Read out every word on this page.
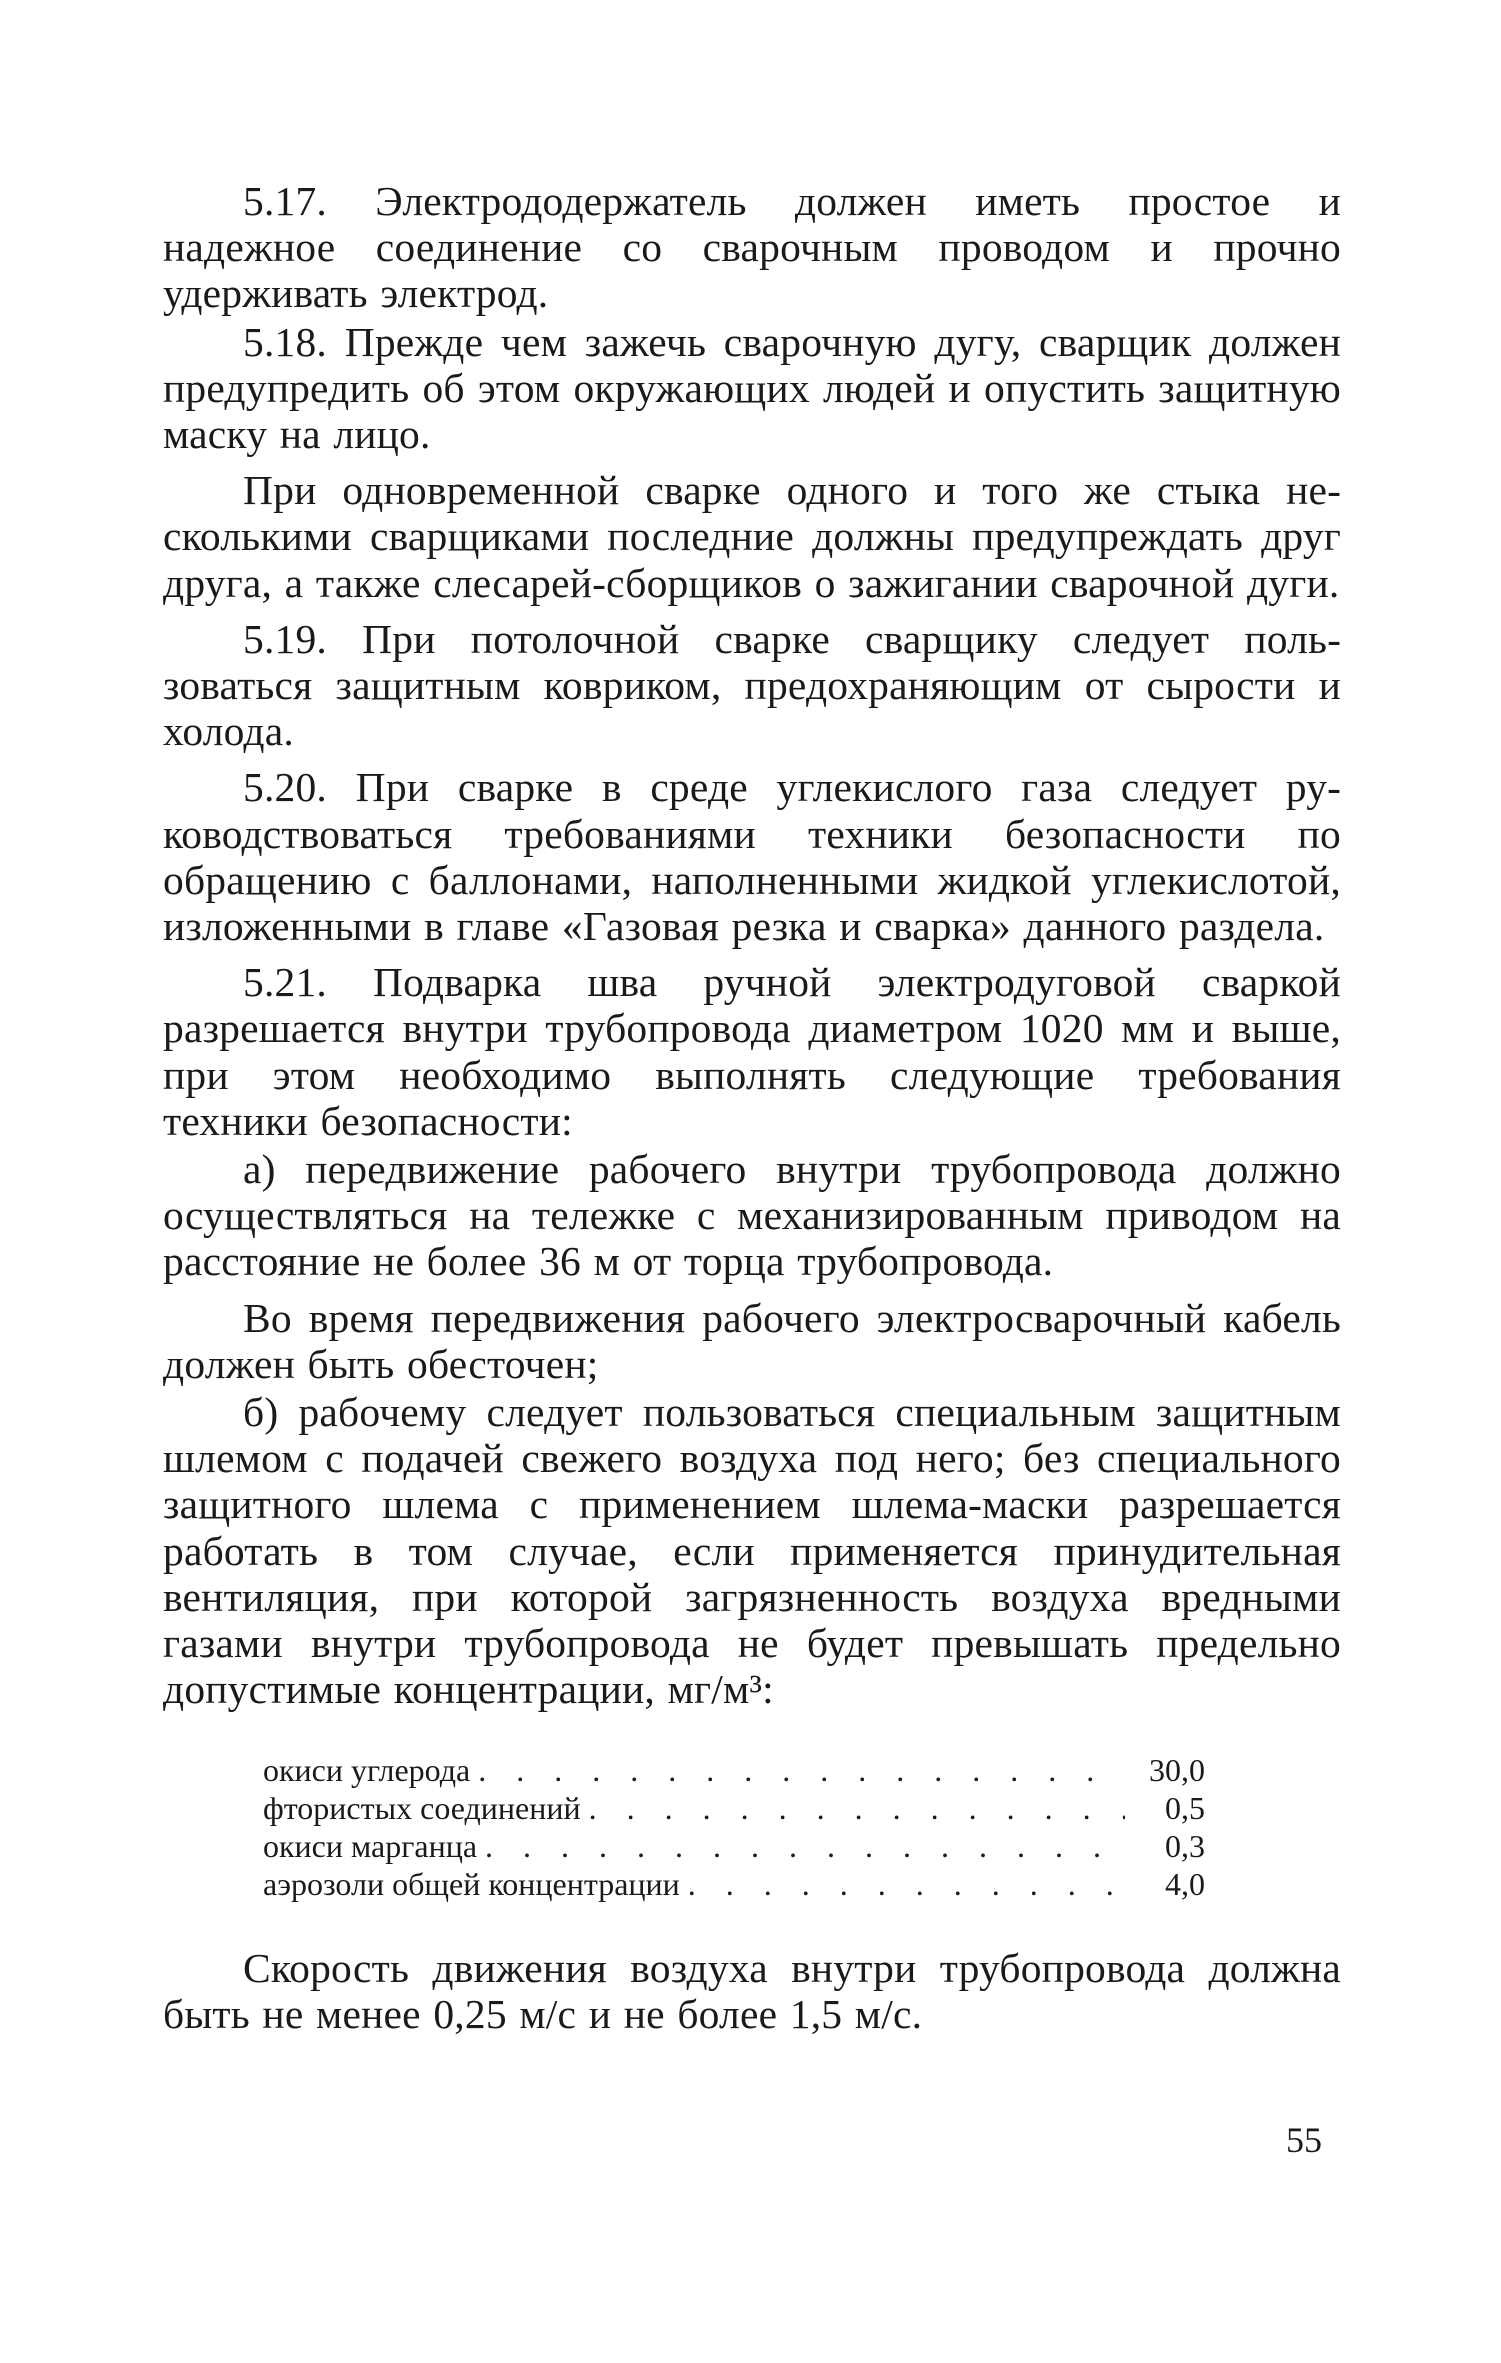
5.17. Электрододержатель должен иметь простое и надежное соединение со сварочным проводом и прочно удерживать электрод.

5.18. Прежде чем зажечь сварочную дугу, сварщик должен предупредить об этом окружающих людей и опустить защитную маску на лицо.

При одновременной сварке одного и того же стыка несколькими сварщиками последние должны предупреждать друг друга, а также слесарей-сборщиков о зажигании сварочной дуги.

5.19. При потолочной сварке сварщику следует пользоваться защитным ковриком, предохраняющим от сырости и холода.

5.20. При сварке в среде углекислого газа следует руководствоваться требованиями техники безопасности по обращению с баллонами, наполненными жидкой углекислотой, изложенными в главе «Газовая резка и сварка» данного раздела.

5.21. Подварка шва ручной электродуговой сваркой разрешается внутри трубопровода диаметром 1020 мм и выше, при этом необходимо выполнять следующие требования техники безопасности:

а) передвижение рабочего внутри трубопровода должно осуществляться на тележке с механизированным приводом на расстояние не более 36 м от торца трубопровода.

Во время передвижения рабочего электросварочный кабель должен быть обесточен;

б) рабочему следует пользоваться специальным защитным шлемом с подачей свежего воздуха под него; без специального защитного шлема с применением шлема-маски разрешается работать в том случае, если применяется принудительная вентиляция, при которой загрязненность воздуха вредными газами внутри трубопровода не будет превышать предельно допустимые концентрации, мг/м³:

окиси углерода . . .	30,0
фтористых соединений . . .	0,5
окиси марганца . . .	0,3
аэрозоли общей концентрации . . .	4,0

Скорость движения воздуха внутри трубопровода должна быть не менее 0,25 м/с и не более 1,5 м/с.

55
